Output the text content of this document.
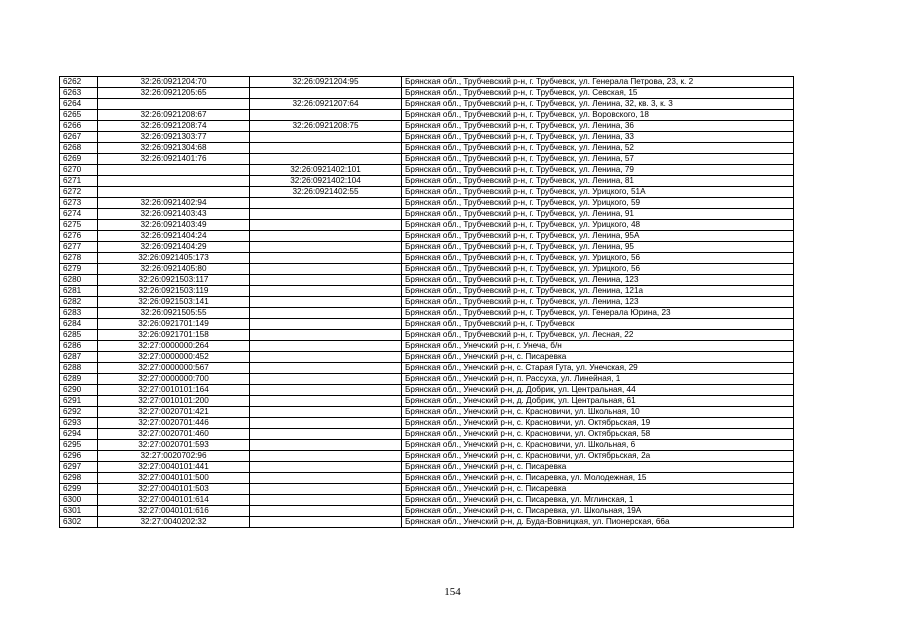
6262	32:26:0921204:70	32:26:0921204:95	Брянская обл., Трубчевский р-н, г. Трубчевск, ул. Генерала Петрова, 23, к. 2
6263	32:26:0921205:65		Брянская обл., Трубчевский р-н, г. Трубчевск, ул. Севская, 15
6264		32:26:0921207:64	Брянская обл., Трубчевский р-н, г. Трубчевск, ул. Ленина, 32, кв. 3, к. 3
6265	32:26:0921208:67		Брянская обл., Трубчевский р-н, г. Трубчевск, ул. Воровского, 18
6266	32:26:0921208:74	32:26:0921208:75	Брянская обл., Трубчевский р-н, г. Трубчевск, ул. Ленина, 36
6267	32:26:0921303:77		Брянская обл., Трубчевский р-н, г. Трубчевск, ул. Ленина, 33
6268	32:26:0921304:68		Брянская обл., Трубчевский р-н, г. Трубчевск, ул. Ленина, 52
6269	32:26:0921401:76		Брянская обл., Трубчевский р-н, г. Трубчевск, ул. Ленина, 57
6270		32:26:0921402:101	Брянская обл., Трубчевский р-н, г. Трубчевск, ул. Ленина, 79
6271		32:26:0921402:104	Брянская обл., Трубчевский р-н, г. Трубчевск, ул. Ленина, 81
6272		32:26:0921402:55	Брянская обл., Трубчевский р-н, г. Трубчевск, ул. Урицкого, 51А
6273	32:26:0921402:94		Брянская обл., Трубчевский р-н, г. Трубчевск, ул. Урицкого, 59
6274	32:26:0921403:43		Брянская обл., Трубчевский р-н, г. Трубчевск, ул. Ленина, 91
6275	32:26:0921403:49		Брянская обл., Трубчевский р-н, г. Трубчевск, ул. Урицкого, 48
6276	32:26:0921404:24		Брянская обл., Трубчевский р-н, г. Трубчевск, ул. Ленина, 95А
6277	32:26:0921404:29		Брянская обл., Трубчевский р-н, г. Трубчевск, ул. Ленина, 95
6278	32:26:0921405:173		Брянская обл., Трубчевский р-н, г. Трубчевск, ул. Урицкого, 56
6279	32:26:0921405:80		Брянская обл., Трубчевский р-н, г. Трубчевск, ул. Урицкого, 56
6280	32:26:0921503:117		Брянская обл., Трубчевский р-н, г. Трубчевск, ул. Ленина, 123
6281	32:26:0921503:119		Брянская обл., Трубчевский р-н, г. Трубчевск, ул. Ленина, 121а
6282	32:26:0921503:141		Брянская обл., Трубчевский р-н, г. Трубчевск, ул. Ленина, 123
6283	32:26:0921505:55		Брянская обл., Трубчевский р-н, г. Трубчевск, ул. Генерала Юрина, 23
6284	32:26:0921701:149		Брянская обл., Трубчевский р-н, г. Трубчевск
6285	32:26:0921701:158		Брянская обл., Трубчевский р-н, г. Трубчевск, ул. Лесная, 22
6286	32:27:0000000:264		Брянская обл., Унечский р-н, г. Унеча, б/н
6287	32:27:0000000:452		Брянская обл., Унечский р-н, с. Писаревка
6288	32:27:0000000:567		Брянская обл., Унечский р-н, с. Старая Гута, ул. Унечская, 29
6289	32:27:0000000:700		Брянская обл., Унечский р-н, п. Рассуха, ул. Линейная, 1
6290	32:27:0010101:164		Брянская обл., Унечский р-н, д. Добрик, ул. Центральная, 44
6291	32:27:0010101:200		Брянская обл., Унечский р-н, д. Добрик, ул. Центральная, 61
6292	32:27:0020701:421		Брянская обл., Унечский р-н, с. Красновичи, ул. Школьная, 10
6293	32:27:0020701:446		Брянская обл., Унечский р-н, с. Красновичи, ул. Октябрьская, 19
6294	32:27:0020701:460		Брянская обл., Унечский р-н, с. Красновичи, ул. Октябрьская, 58
6295	32:27:0020701:593		Брянская обл., Унечский р-н, с. Красновичи, ул. Школьная, 6
6296	32:27:0020702:96		Брянская обл., Унечский р-н, с. Красновичи, ул. Октябрьская, 2а
6297	32:27:0040101:441		Брянская обл., Унечский р-н, с. Писаревка
6298	32:27:0040101:500		Брянская обл., Унечский р-н, с. Писаревка, ул. Молодежная, 15
6299	32:27:0040101:503		Брянская обл., Унечский р-н, с. Писаревка
6300	32:27:0040101:614		Брянская обл., Унечский р-н, с. Писаревка, ул. Мглинская, 1
6301	32:27:0040101:616		Брянская обл., Унечский р-н, с. Писаревка, ул. Школьная, 19А
6302	32:27:0040202:32		Брянская обл., Унечский р-н, д. Буда-Вовницкая, ул. Пионерская, 66а
154
